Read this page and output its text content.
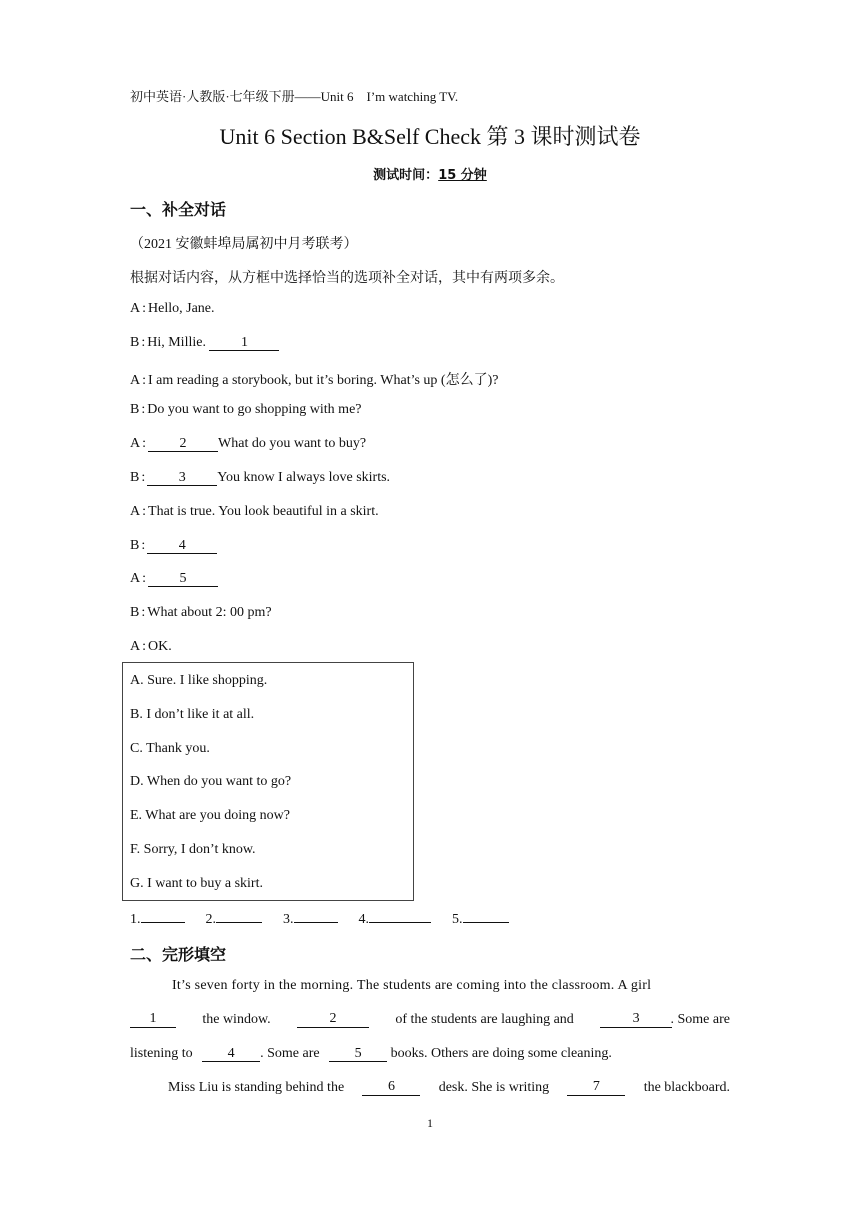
初中英语·人教版·七年级下册——Unit 6　I’m watching TV.
Unit 6 Section B&Self Check 第 3 课时测试卷
测试时间：15 分钟
一、补全对话
（2021 安徽蚌埠局属初中月考联考）
根据对话内容，从方框中选择恰当的选项补全对话，其中有两项多余。
A : Hello, Jane.
B : Hi, Millie. 1
A : I am reading a storybook, but it’s boring. What’s up (怎么了)?
B : Do you want to go shopping with me?
A : 2 What do you want to buy?
B : 3 You know I always love skirts.
A : That is true. You look beautiful in a skirt.
B : 4
A : 5
B : What about 2: 00 pm?
A : OK.
A. Sure. I like shopping.
B. I don’t like it at all.
C. Thank you.
D. When do you want to go?
E. What are you doing now?
F. Sorry, I don’t know.
G. I want to buy a skirt.
1.	2.	3.	4.	5.
二、完形填空
It’s seven forty in the morning. The students are coming into the classroom. A girl
1	the window.	2	of the students are laughing and	3	. Some are
listening to	4 . Some are	5 books. Others are doing some cleaning.
Miss Liu is standing behind the	6	desk. She is writing	7	the blackboard.
1
